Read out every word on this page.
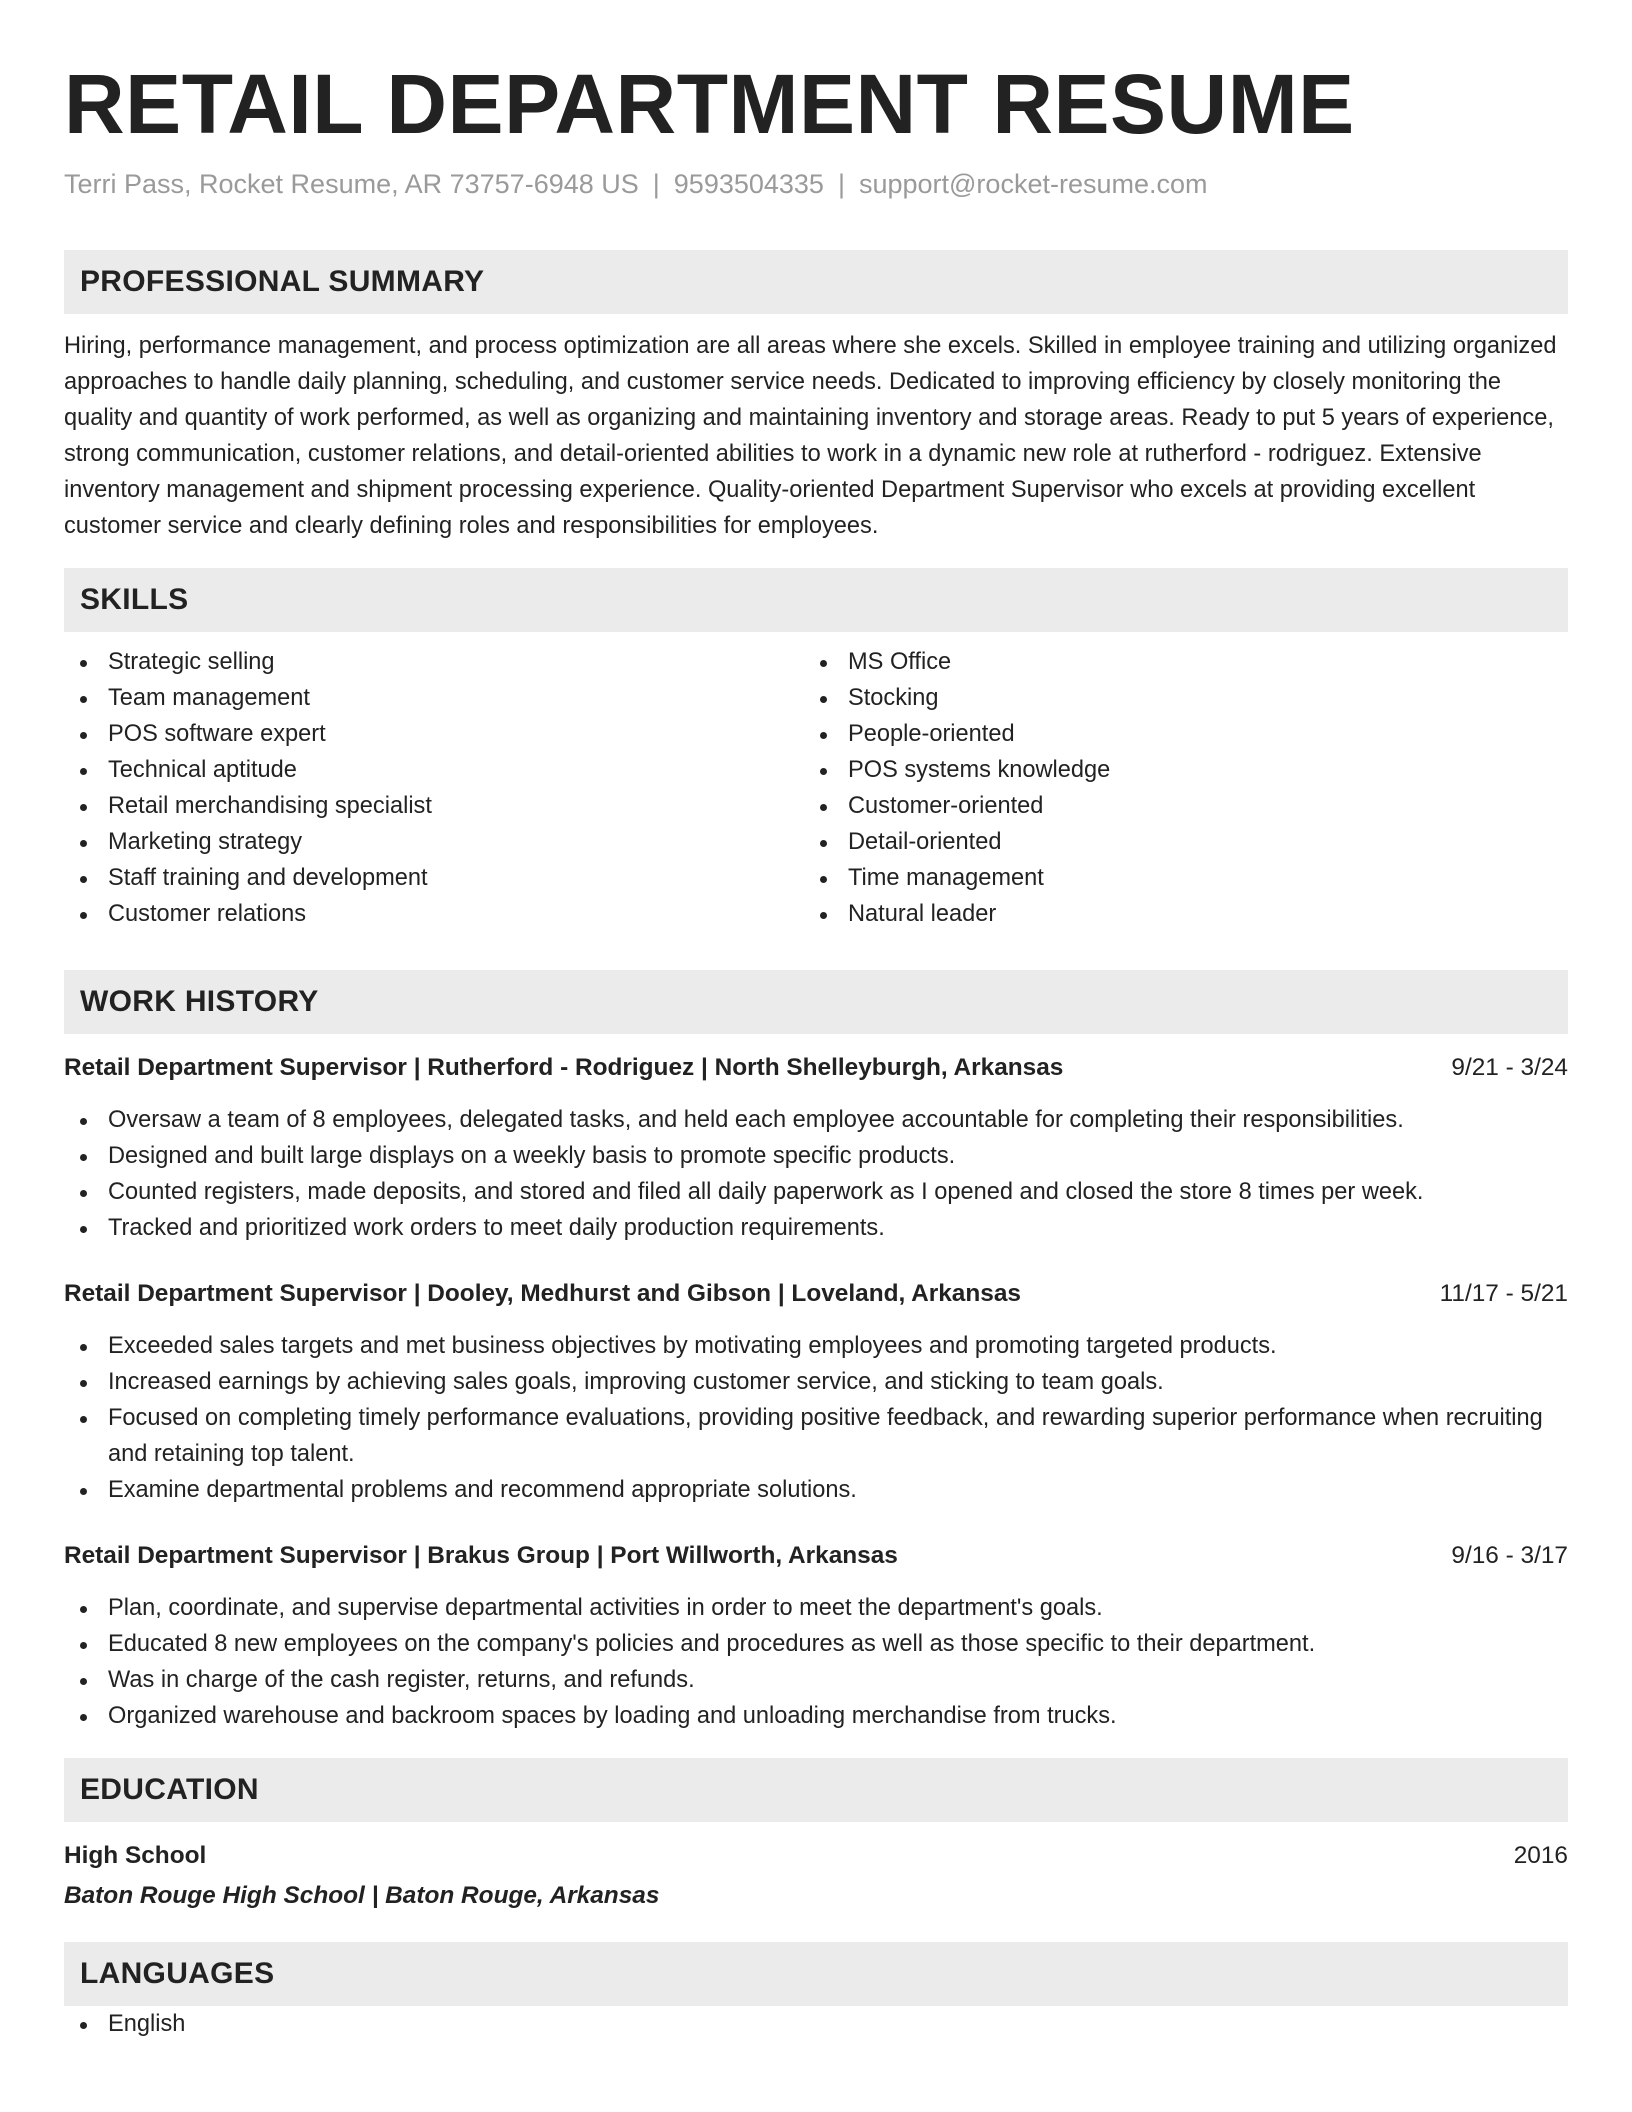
RETAIL DEPARTMENT RESUME
Terri Pass, Rocket Resume, AR 73757-6948 US | 9593504335 | support@rocket-resume.com
PROFESSIONAL SUMMARY
Hiring, performance management, and process optimization are all areas where she excels. Skilled in employee training and utilizing organized approaches to handle daily planning, scheduling, and customer service needs. Dedicated to improving efficiency by closely monitoring the quality and quantity of work performed, as well as organizing and maintaining inventory and storage areas. Ready to put 5 years of experience, strong communication, customer relations, and detail-oriented abilities to work in a dynamic new role at rutherford - rodriguez. Extensive inventory management and shipment processing experience. Quality-oriented Department Supervisor who excels at providing excellent customer service and clearly defining roles and responsibilities for employees.
SKILLS
Strategic selling
Team management
POS software expert
Technical aptitude
Retail merchandising specialist
Marketing strategy
Staff training and development
Customer relations
MS Office
Stocking
People-oriented
POS systems knowledge
Customer-oriented
Detail-oriented
Time management
Natural leader
WORK HISTORY
Retail Department Supervisor | Rutherford - Rodriguez | North Shelleyburgh, Arkansas	9/21 - 3/24
Oversaw a team of 8 employees, delegated tasks, and held each employee accountable for completing their responsibilities.
Designed and built large displays on a weekly basis to promote specific products.
Counted registers, made deposits, and stored and filed all daily paperwork as I opened and closed the store 8 times per week.
Tracked and prioritized work orders to meet daily production requirements.
Retail Department Supervisor | Dooley, Medhurst and Gibson | Loveland, Arkansas	11/17 - 5/21
Exceeded sales targets and met business objectives by motivating employees and promoting targeted products.
Increased earnings by achieving sales goals, improving customer service, and sticking to team goals.
Focused on completing timely performance evaluations, providing positive feedback, and rewarding superior performance when recruiting and retaining top talent.
Examine departmental problems and recommend appropriate solutions.
Retail Department Supervisor | Brakus Group | Port Willworth, Arkansas	9/16 - 3/17
Plan, coordinate, and supervise departmental activities in order to meet the department's goals.
Educated 8 new employees on the company's policies and procedures as well as those specific to their department.
Was in charge of the cash register, returns, and refunds.
Organized warehouse and backroom spaces by loading and unloading merchandise from trucks.
EDUCATION
High School	2016
Baton Rouge High School | Baton Rouge, Arkansas
LANGUAGES
English
